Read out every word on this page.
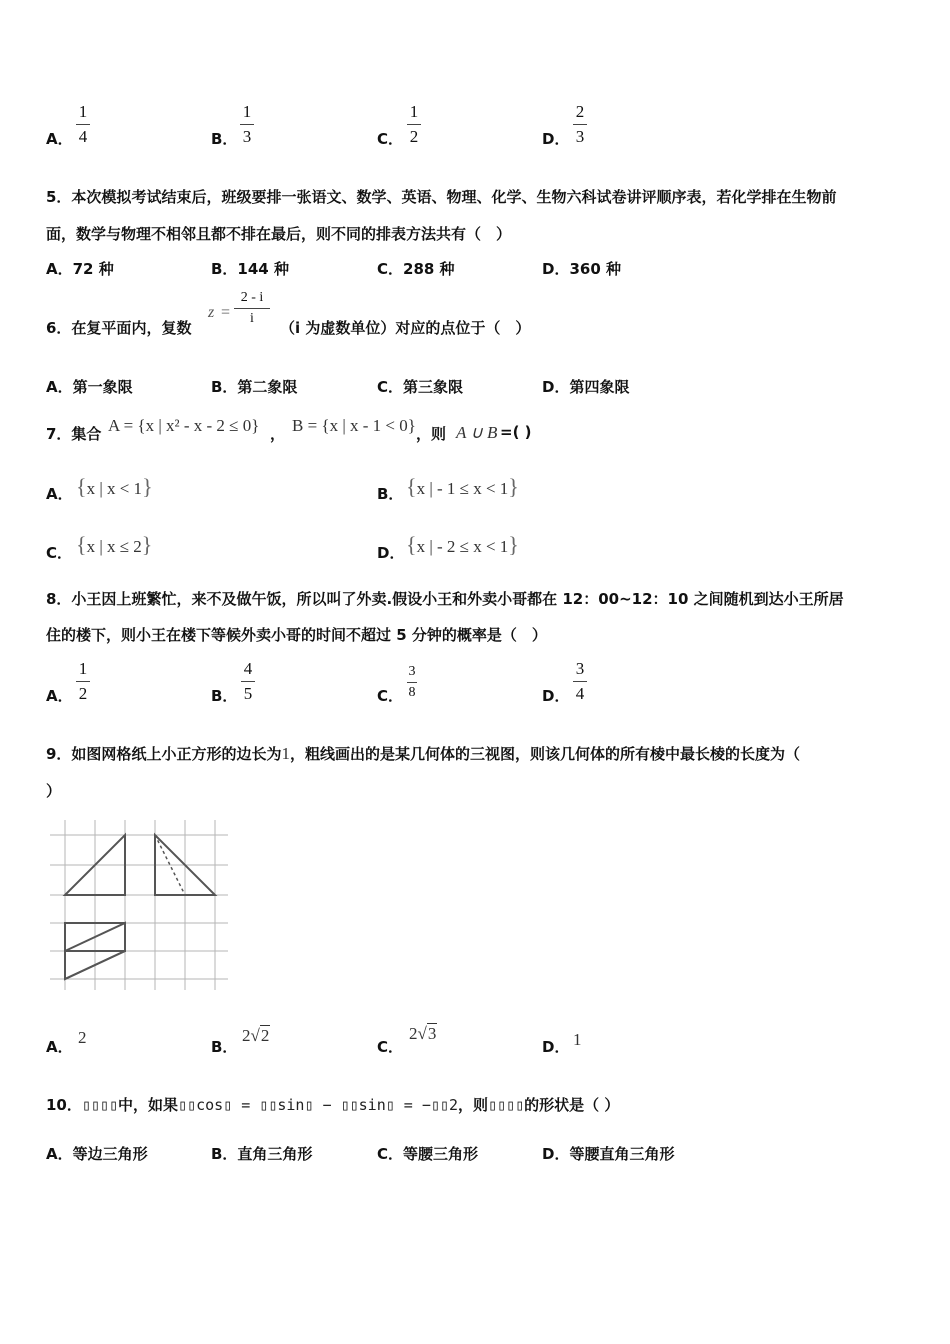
A．
1
4	B．
1
3	C．
1
2	D．
2
3
5．本次模拟考试结束后，班级要排一张语文、数学、英语、物理、化学、生物六科试卷讲评顺序表，若化学排在生物前
面，数学与物理不相邻且都不排在最后，则不同的排表方法共有（　）
A．72 种	B．144 种	C．288 种	D．360 种
6．在复平面内，复数
z =
2 - i
i
（i 为虚数单位）对应的点位于（　）
A．第一象限	B．第二象限	C．第三象限	D．第四象限
7．集合 A = {x | x² - x - 2 ≤ 0} ， B = {x | x - 1 < 0} ，则 A ∪ B =( )
A． {x | x < 1}	B． {x | - 1 ≤ x < 1}
C． {x | x ≤ 2}	D． {x | - 2 ≤ x < 1}
8．小王因上班繁忙，来不及做午饭，所以叫了外卖.假设小王和外卖小哥都在 12：00~12：10 之间随机到达小王所居
住的楼下，则小王在楼下等候外卖小哥的时间不超过 5 分钟的概率是（　）
A．
1
2	B．
4
5	C．
3
8	D．
3
4
9．如图网格纸上小正方形的边长为1，粗线画出的是某几何体的三视图，则该几何体的所有棱中最长棱的长度为（
）
A． 2	B．
2√2
C．
2√3
D． 1
10．▯▯▯▯中，如果▯▯cos▯ = ▯▯sin▯ − ▯▯sin▯ = −▯▯2，则▯▯▯▯的形状是（ ）
A．等边三角形	B．直角三角形	C．等腰三角形	D．等腰直角三角形
